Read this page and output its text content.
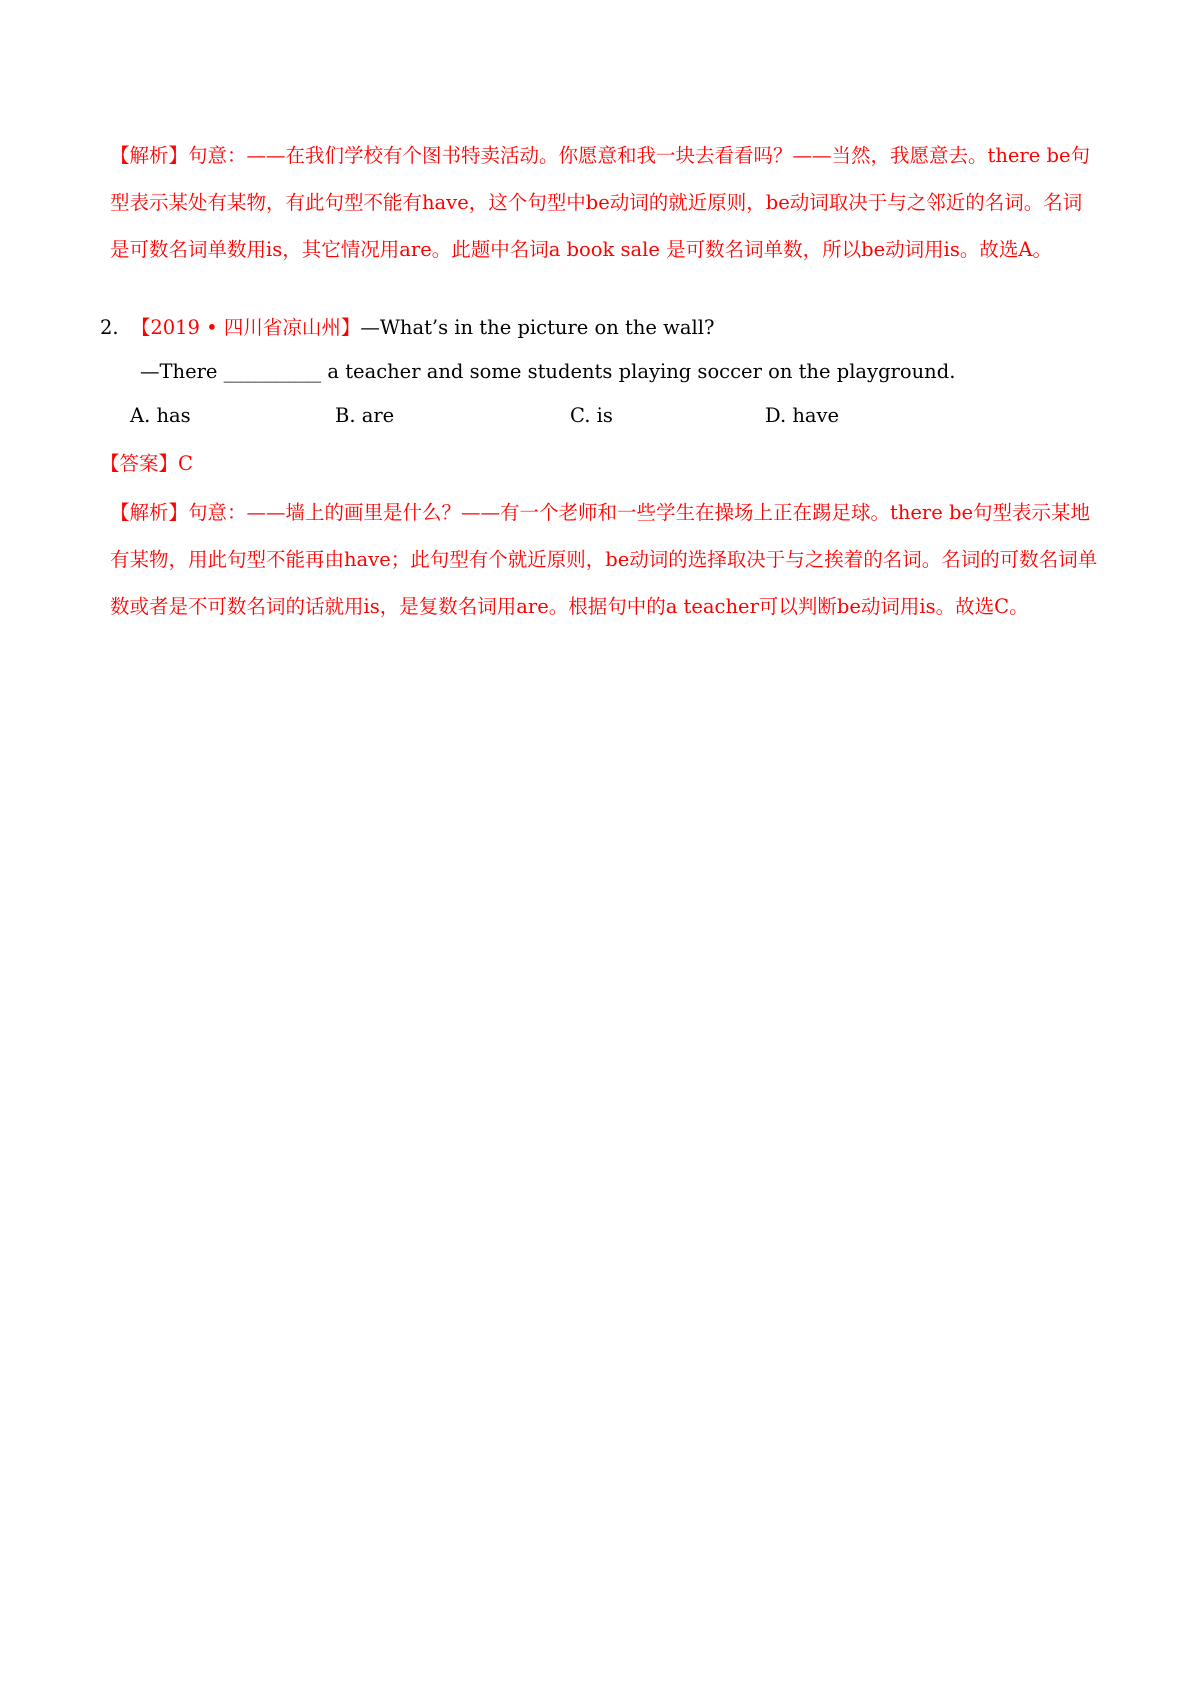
【解析】句意：——在我们学校有个图书特卖活动。你愿意和我一块去看看吗？——当然，我愿意去。there be句型表示某处有某物，有此句型不能有have，这个句型中be动词的就近原则，be动词取决于与之邻近的名词。名词是可数名词单数用is，其它情况用are。此题中名词a book sale 是可数名词单数，所以be动词用is。故选A。
2. 【2019 • 四川省凉山州】—What’s in the picture on the wall?
—There __________ a teacher and some students playing soccer on the playground.
A. has	B. are	C. is	D. have
【答案】C
【解析】句意：——墙上的画里是什么？——有一个老师和一些学生在操场上正在踢足球。there be句型表示某地有某物，用此句型不能再由have；此句型有个就近原则，be动词的选择取决于与之挨着的名词。名词的可数名词单数或者是不可数名词的话就用is，是复数名词用are。根据句中的a teacher可以判断be动词用is。故选C。
